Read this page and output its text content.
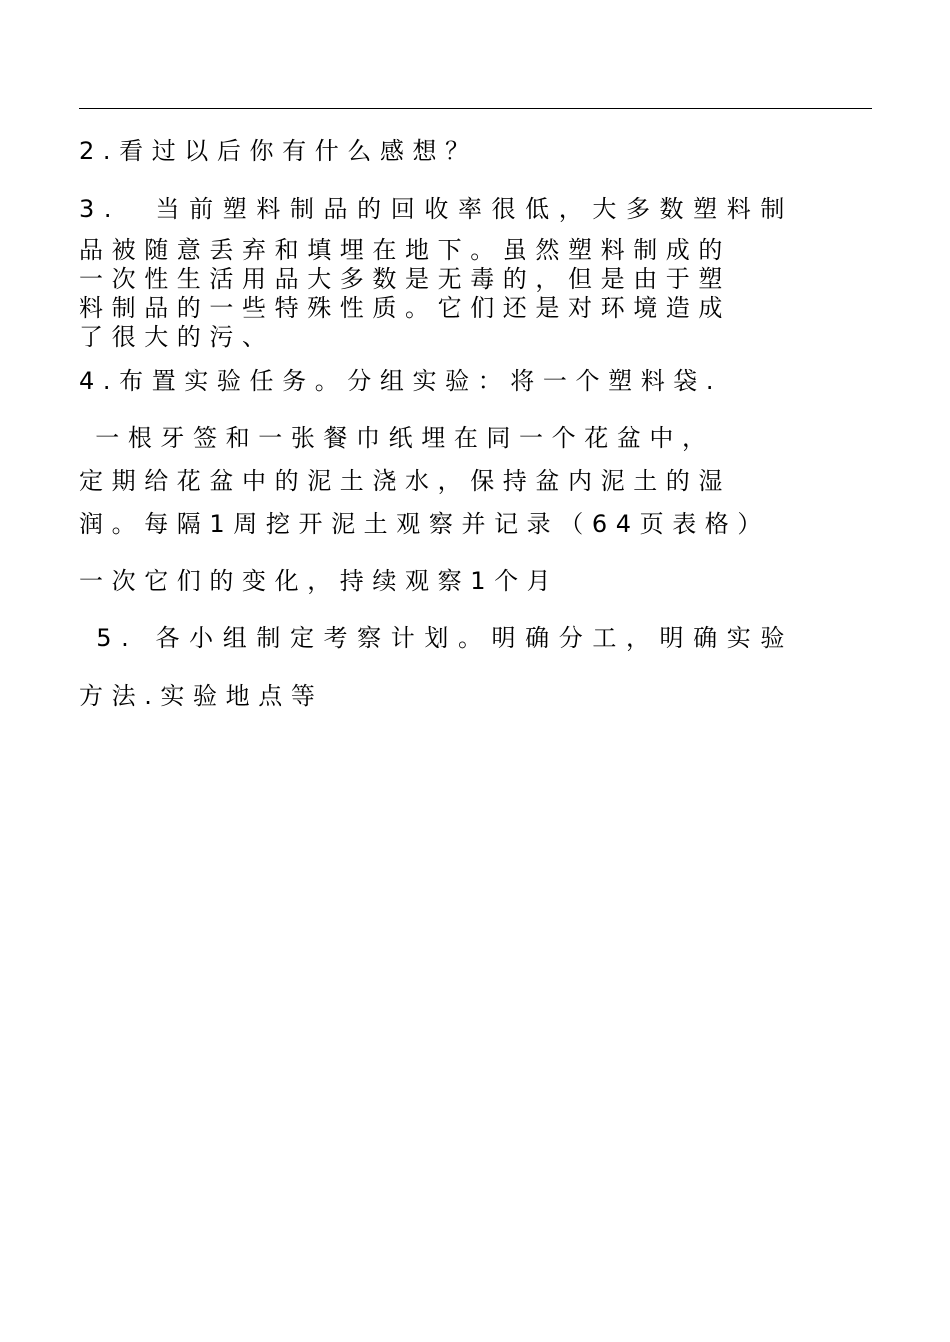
2.看过以后你有什么感想？
3.  当前塑料制品的回收率很低，大多数塑料制
品被随意丢弃和填埋在地下。虽然塑料制成的
一次性生活用品大多数是无毒的，但是由于塑
料制品的一些特殊性质。它们还是对环境造成
了很大的污、
4.布置实验任务。分组实验：将一个塑料袋.
一根牙签和一张餐巾纸埋在同一个花盆中，
定期给花盆中的泥土浇水，保持盆内泥土的湿
润。每隔1周挖开泥土观察并记录（64页表格）
一次它们的变化，持续观察1个月
5. 各小组制定考察计划。明确分工，明确实验
方法.实验地点等
